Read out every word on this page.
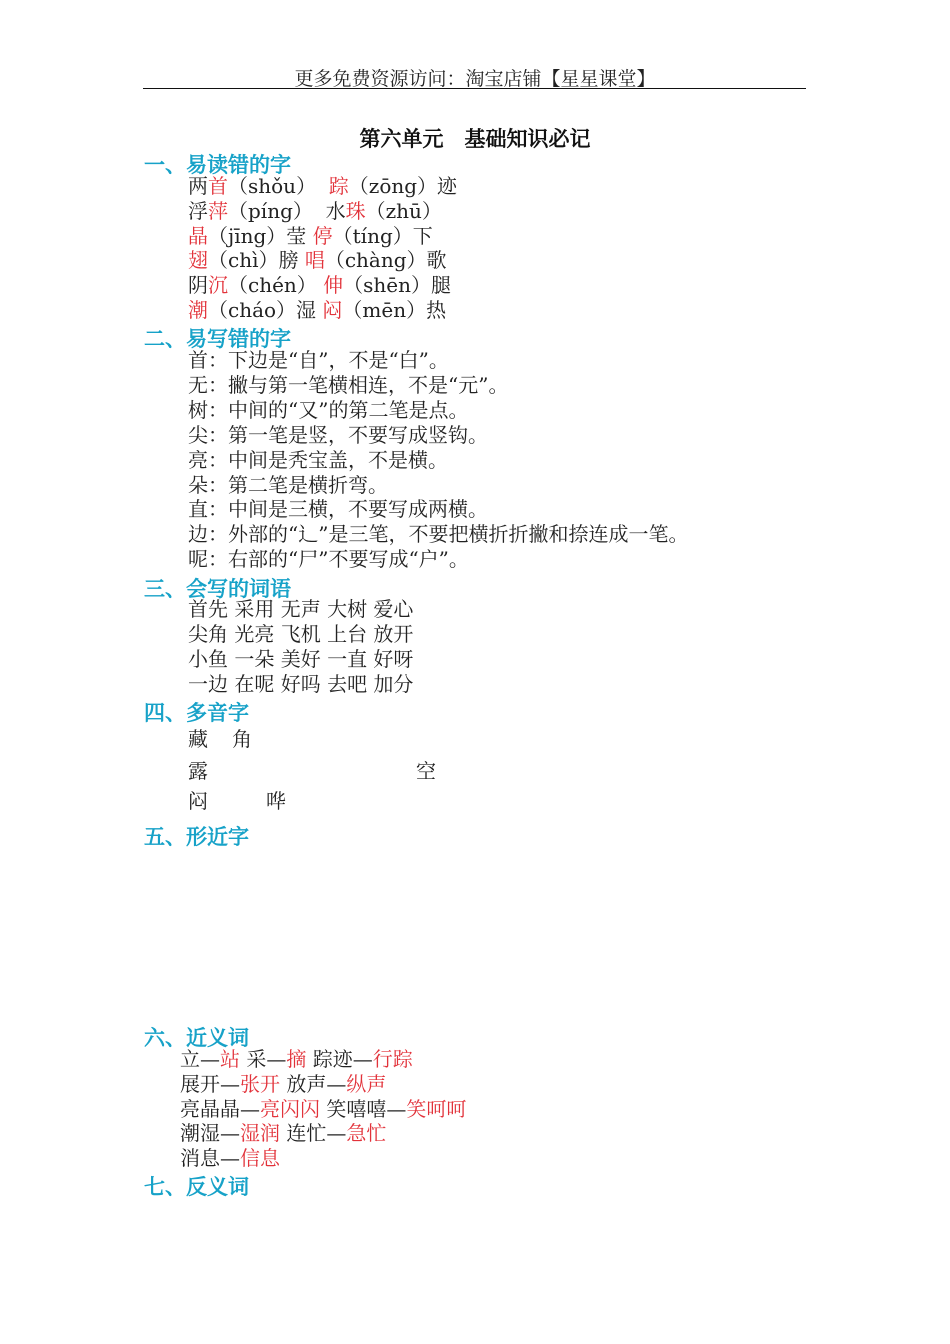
更多免费资源访问：淘宝店铺【星星课堂】
第六单元　基础知识必记
一、易读错的字
两首（shǒu）  踪（zōng）迹
浮萍（píng）  水珠（zhū）
晶（jīng）莹 停（tíng）下
翅（chì）膀 唱（chàng）歌
阴沉（chén） 伸（shēn）腿
潮（cháo）湿 闷（mēn）热
二、易写错的字
首：下边是“自”，不是“白”。
无：撇与第一笔横相连，不是“元”。
树：中间的“又”的第二笔是点。
尖：第一笔是竖，不要写成竖钩。
亮：中间是秃宝盖，不是横。
朵：第二笔是横折弯。
直：中间是三横，不要写成两横。
边：外部的“辶”是三笔，不要把横折折撇和捺连成一笔。
呢：右部的“尸”不要写成“户”。
三、会写的词语
首先 采用 无声 大树 爱心
尖角 光亮 飞机 上台 放开
小鱼 一朵 美好 一直 好呀
一边 在呢 好吗 去吧 加分
四、多音字
藏 角
露	空
闷	哗
五、形近字
六、近义词
立—站 采—摘 踪迹—行踪
展开—张开 放声—纵声
亮晶晶—亮闪闪 笑嘻嘻—笑呵呵
潮湿—湿润 连忙—急忙
消息—信息
七、反义词
